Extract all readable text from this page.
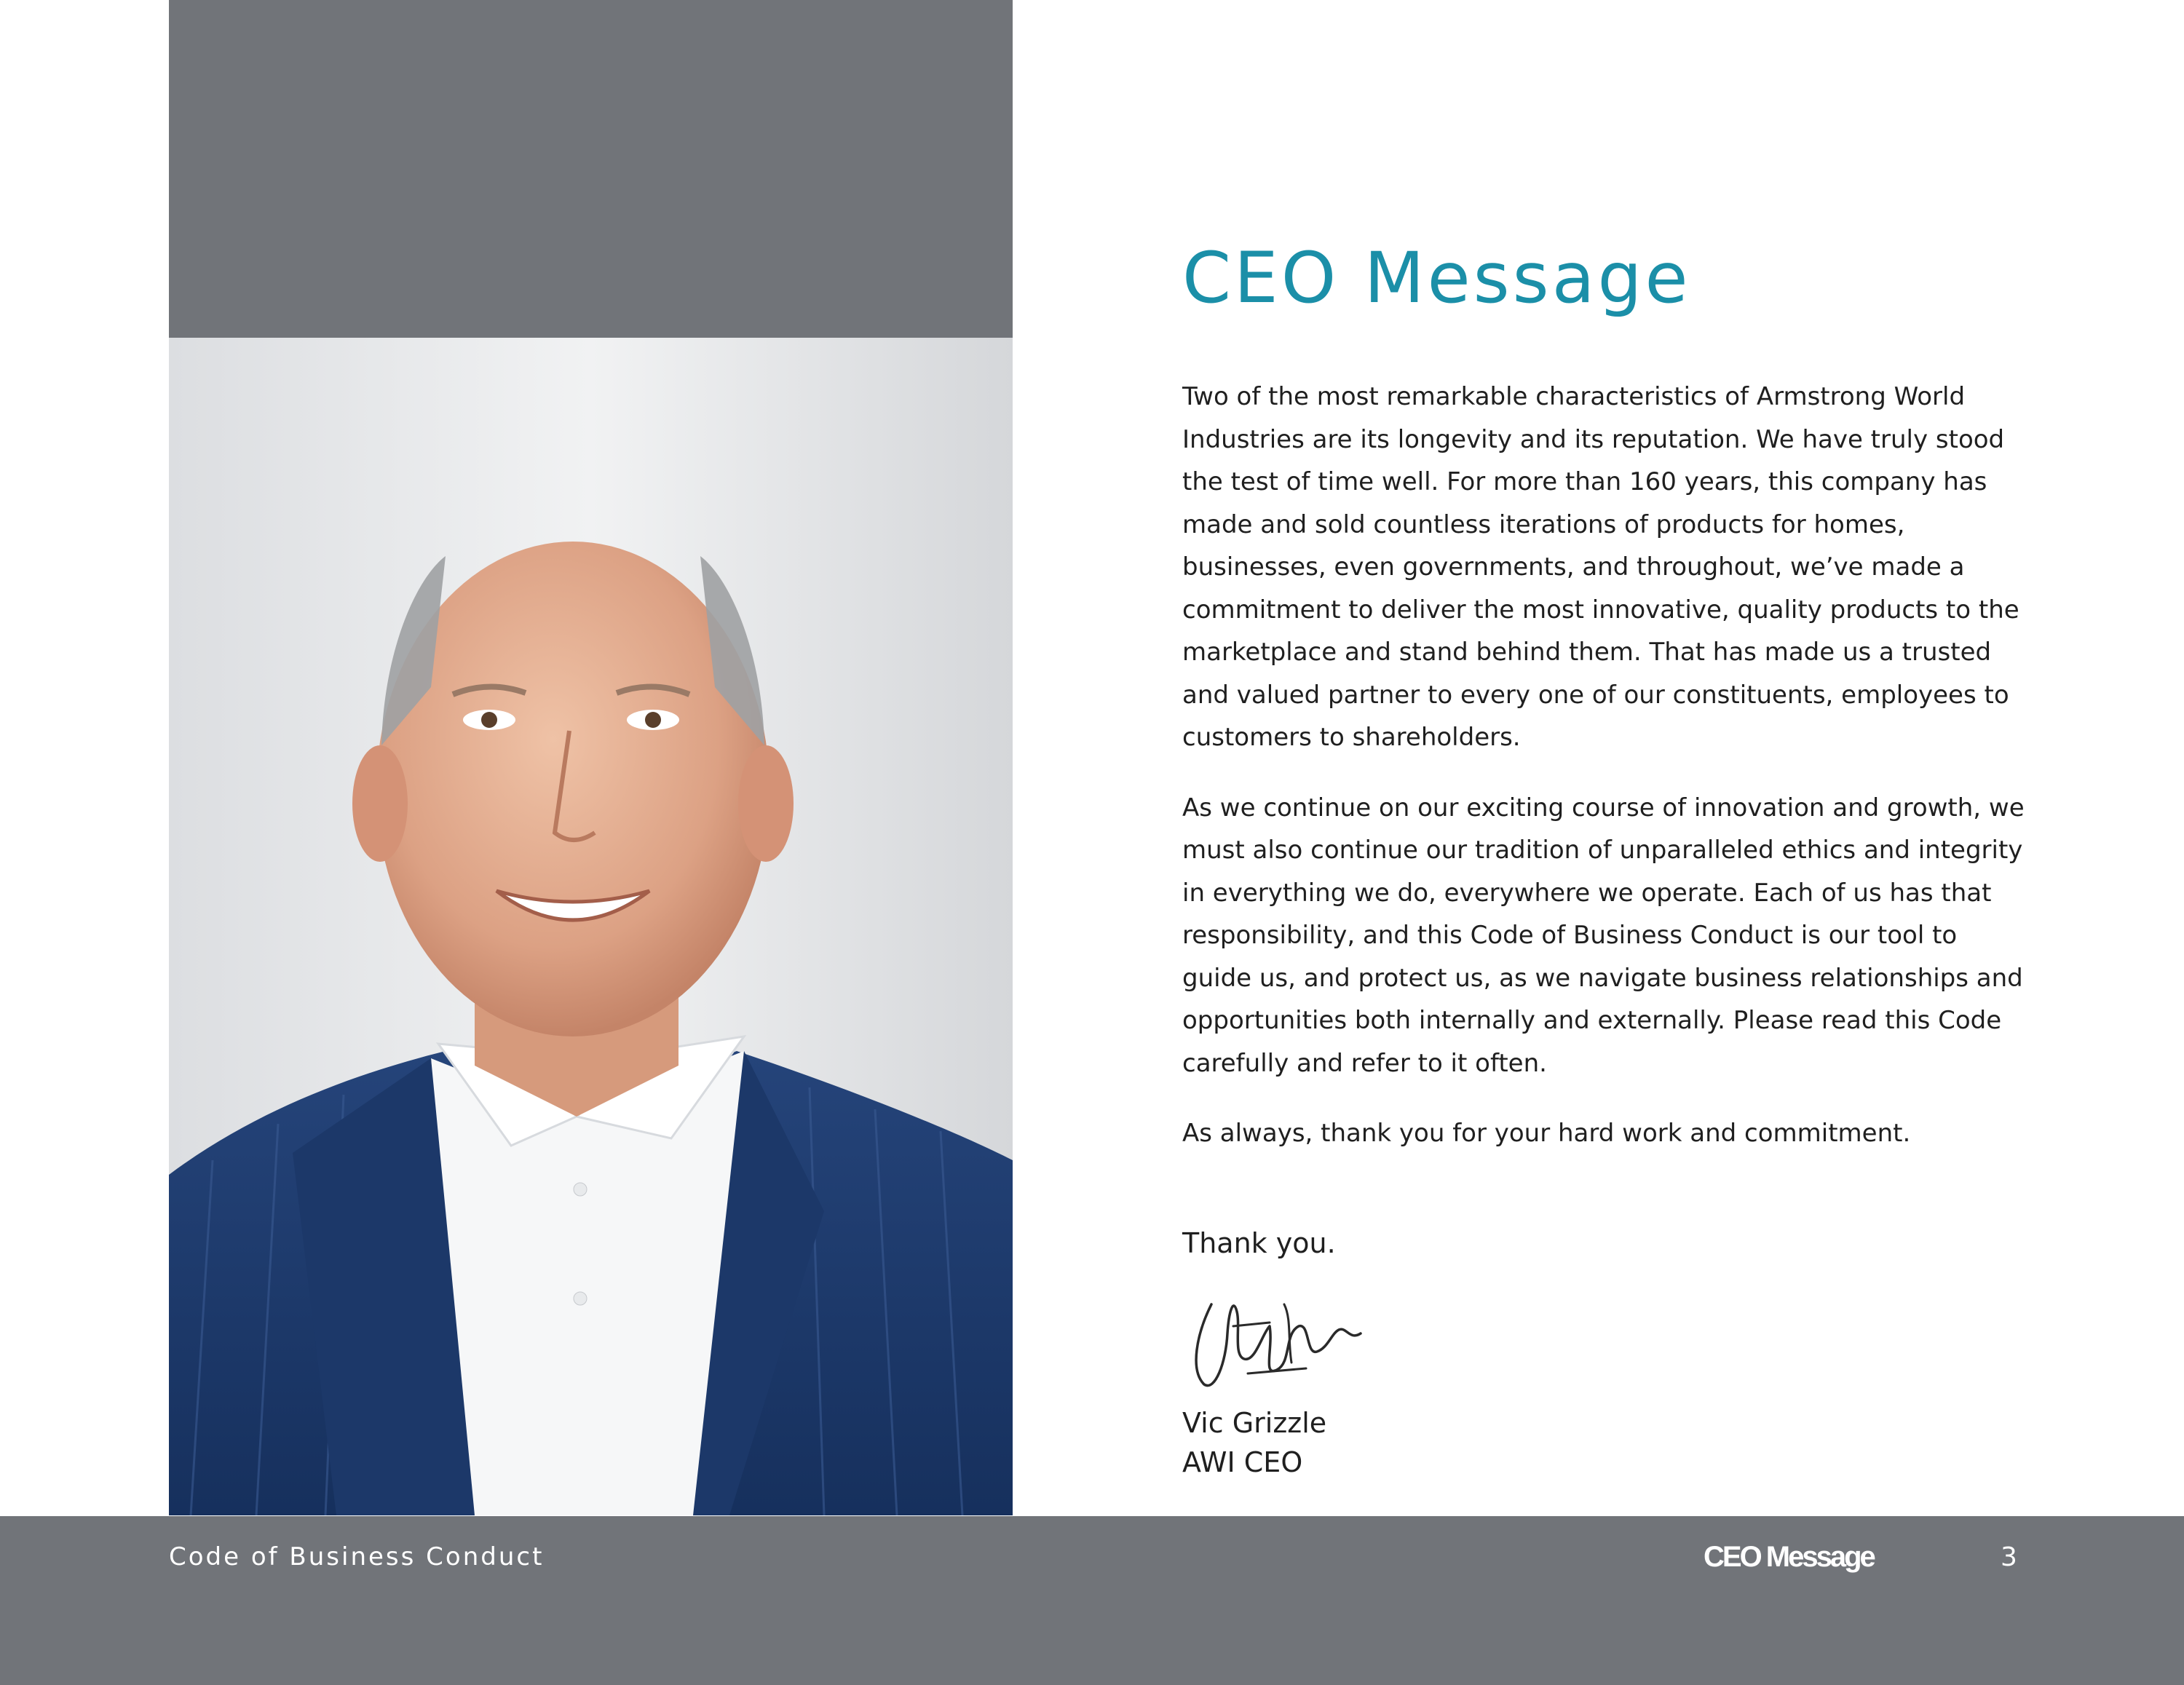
CEO Message

Two of the most remarkable characteristics of Armstrong World Industries are its longevity and its reputation. We have truly stood the test of time well. For more than 160 years, this company has made and sold countless iterations of products for homes, businesses, even governments, and throughout, we’ve made a commitment to deliver the most innovative, quality products to the marketplace and stand behind them. That has made us a trusted and valued partner to every one of our constituents, employees to customers to shareholders.

As we continue on our exciting course of innovation and growth, we must also continue our tradition of unparalleled ethics and integrity in everything we do, everywhere we operate. Each of us has that responsibility, and this Code of Business Conduct is our tool to guide us, and protect us, as we navigate business relationships and opportunities both internally and externally. Please read this Code carefully and refer to it often.

As always, thank you for your hard work and commitment.

Thank you.
Vic Grizzle
AWI CEO
Code of Business Conduct	CEO Message	3
